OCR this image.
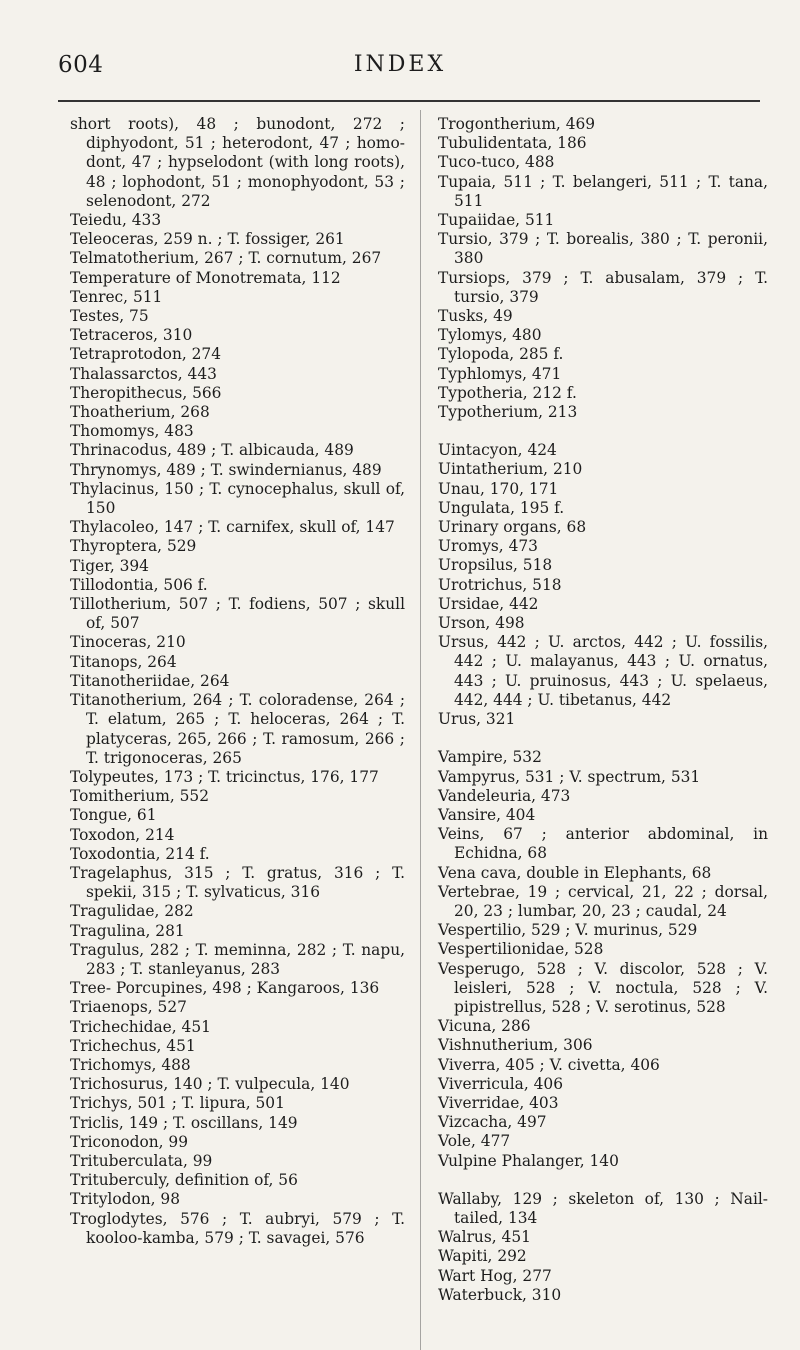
604	INDEX
short roots), 48 ; bunodont, 272 ; diphyodont, 51 ; heterodont, 47 ; homodont, 47 ; hypselodont (with long roots), 48 ; lophodont, 51 ; monophyodont, 53 ; selenodont, 272
Teiedu, 433
Teleoceras, 259 n. ; T. fossiger, 261
Telmatotherium, 267 ; T. cornutum, 267
Temperature of Monotremata, 112
Tenrec, 511
Testes, 75
Tetraceros, 310
Tetraprotodon, 274
Thalassarctos, 443
Theropithecus, 566
Thoatherium, 268
Thomomys, 483
Thrinacodus, 489 ; T. albicauda, 489
Thrynomys, 489 ; T. swindernianus, 489
Thylacinus, 150 ; T. cynocephalus, skull of, 150
Thylacoleo, 147 ; T. carnifex, skull of, 147
Thyroptera, 529
Tiger, 394
Tillodontia, 506 f.
Tillotherium, 507 ; T. fodiens, 507 ; skull of, 507
Tinoceras, 210
Titanops, 264
Titanotheriidae, 264
Titanotherium, 264 ; T. coloradense, 264 ; T. elatum, 265 ; T. heloceras, 264 ; T. platyceras, 265, 266 ; T. ramosum, 266 ; T. trigonoceras, 265
Tolypeutes, 173 ; T. tricinctus, 176, 177
Tomitherium, 552
Tongue, 61
Toxodon, 214
Toxodontia, 214 f.
Tragelaphus, 315 ; T. gratus, 316 ; T. spekii, 315 ; T. sylvaticus, 316
Tragulidae, 282
Tragulina, 281
Tragulus, 282 ; T. meminna, 282 ; T. napu, 283 ; T. stanleyanus, 283
Tree- Porcupines, 498 ; Kangaroos, 136
Triaenops, 527
Trichechidae, 451
Trichechus, 451
Trichomys, 488
Trichosurus, 140 ; T. vulpecula, 140
Trichys, 501 ; T. lipura, 501
Triclis, 149 ; T. oscillans, 149
Triconodon, 99
Trituberculata, 99
Trituberculy, definition of, 56
Tritylodon, 98
Troglodytes, 576 ; T. aubryi, 579 ; T. kooloo-kamba, 579 ; T. savagei, 576
Trogontherium, 469
Tubulidentata, 186
Tuco-tuco, 488
Tupaia, 511 ; T. belangeri, 511 ; T. tana, 511
Tupaiidae, 511
Tursio, 379 ; T. borealis, 380 ; T. peronii, 380
Tursiops, 379 ; T. abusalam, 379 ; T. tursio, 379
Tusks, 49
Tylomys, 480
Tylopoda, 285 f.
Typhlomys, 471
Typotheria, 212 f.
Typotherium, 213
Uintacyon, 424
Uintatherium, 210
Unau, 170, 171
Ungulata, 195 f.
Urinary organs, 68
Uromys, 473
Uropsilus, 518
Urotrichus, 518
Ursidae, 442
Urson, 498
Ursus, 442 ; U. arctos, 442 ; U. fossilis, 442 ; U. malayanus, 443 ; U. ornatus, 443 ; U. pruinosus, 443 ; U. spelaeus, 442, 444 ; U. tibetanus, 442
Urus, 321
Vampire, 532
Vampyrus, 531 ; V. spectrum, 531
Vandeleuria, 473
Vansire, 404
Veins, 67 ; anterior abdominal, in Echidna, 68
Vena cava, double in Elephants, 68
Vertebrae, 19 ; cervical, 21, 22 ; dorsal, 20, 23 ; lumbar, 20, 23 ; caudal, 24
Vespertilio, 529 ; V. murinus, 529
Vespertilionidae, 528
Vesperugo, 528 ; V. discolor, 528 ; V. leisleri, 528 ; V. noctula, 528 ; V. pipistrellus, 528 ; V. serotinus, 528
Vicuna, 286
Vishnutherium, 306
Viverra, 405 ; V. civetta, 406
Viverricula, 406
Viverridae, 403
Vizcacha, 497
Vole, 477
Vulpine Phalanger, 140
Wallaby, 129 ; skeleton of, 130 ; Nail-tailed, 134
Walrus, 451
Wapiti, 292
Wart Hog, 277
Waterbuck, 310
